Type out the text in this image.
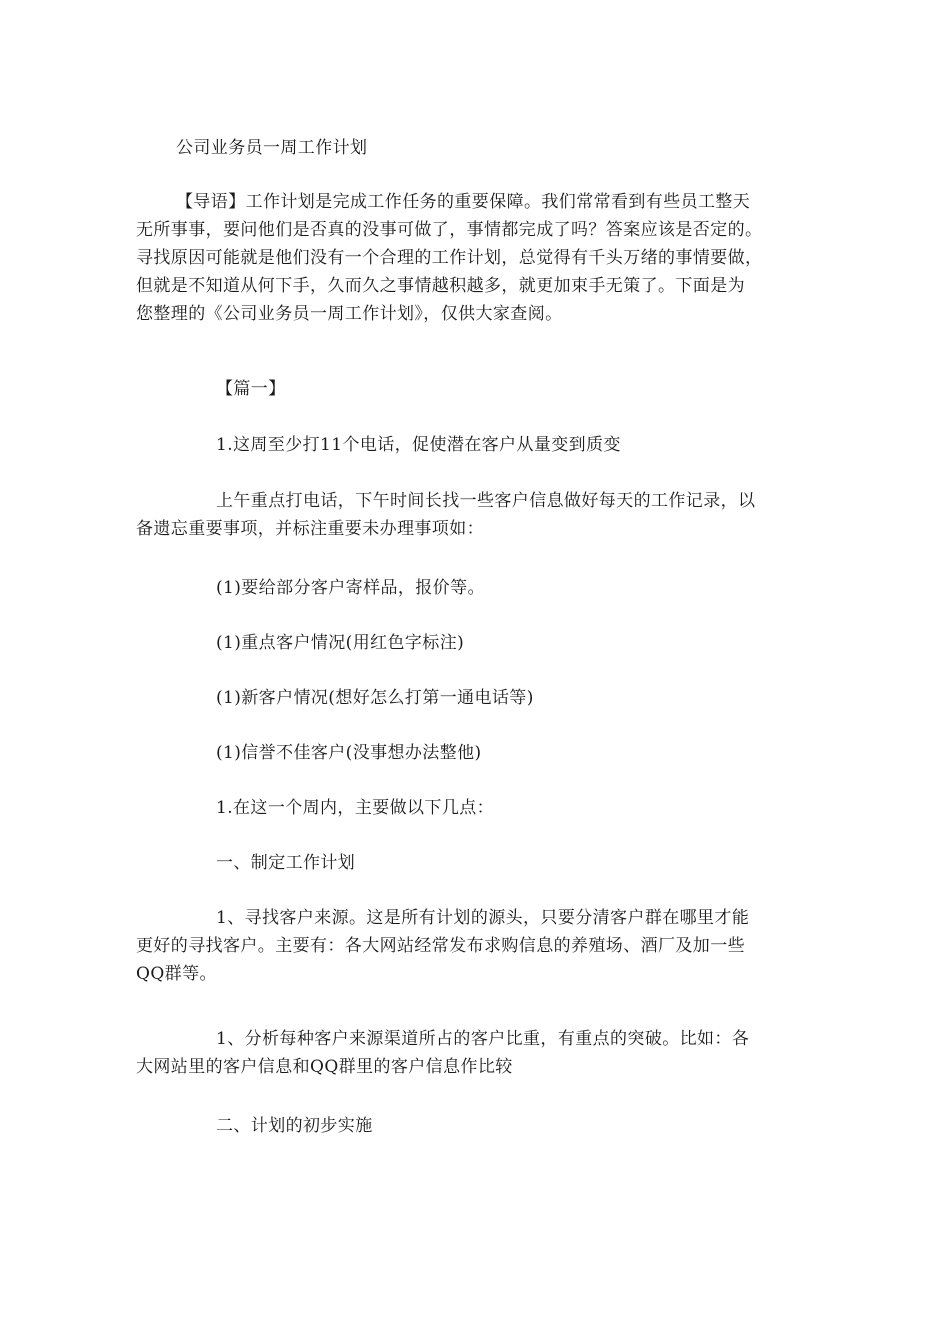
公司业务员一周工作计划
【导语】工作计划是完成工作任务的重要保障。我们常常看到有些员工整天
无所事事，要问他们是否真的没事可做了，事情都完成了吗？答案应该是否定的。
寻找原因可能就是他们没有一个合理的工作计划，总觉得有千头万绪的事情要做，
但就是不知道从何下手，久而久之事情越积越多，就更加束手无策了。下面是为
您整理的《公司业务员一周工作计划》，仅供大家查阅。
【篇一】
1.这周至少打11个电话，促使潜在客户从量变到质变
上午重点打电话，下午时间长找一些客户信息做好每天的工作记录，以
备遗忘重要事项，并标注重要未办理事项如：
(1)要给部分客户寄样品，报价等。
(1)重点客户情况(用红色字标注)
(1)新客户情况(想好怎么打第一通电话等)
(1)信誉不佳客户(没事想办法整他)
1.在这一个周内，主要做以下几点：
一、制定工作计划
1、寻找客户来源。这是所有计划的源头，只要分清客户群在哪里才能
更好的寻找客户。主要有：各大网站经常发布求购信息的养殖场、酒厂及加一些
QQ群等。
1、分析每种客户来源渠道所占的客户比重，有重点的突破。比如：各
大网站里的客户信息和QQ群里的客户信息作比较
二、计划的初步实施
